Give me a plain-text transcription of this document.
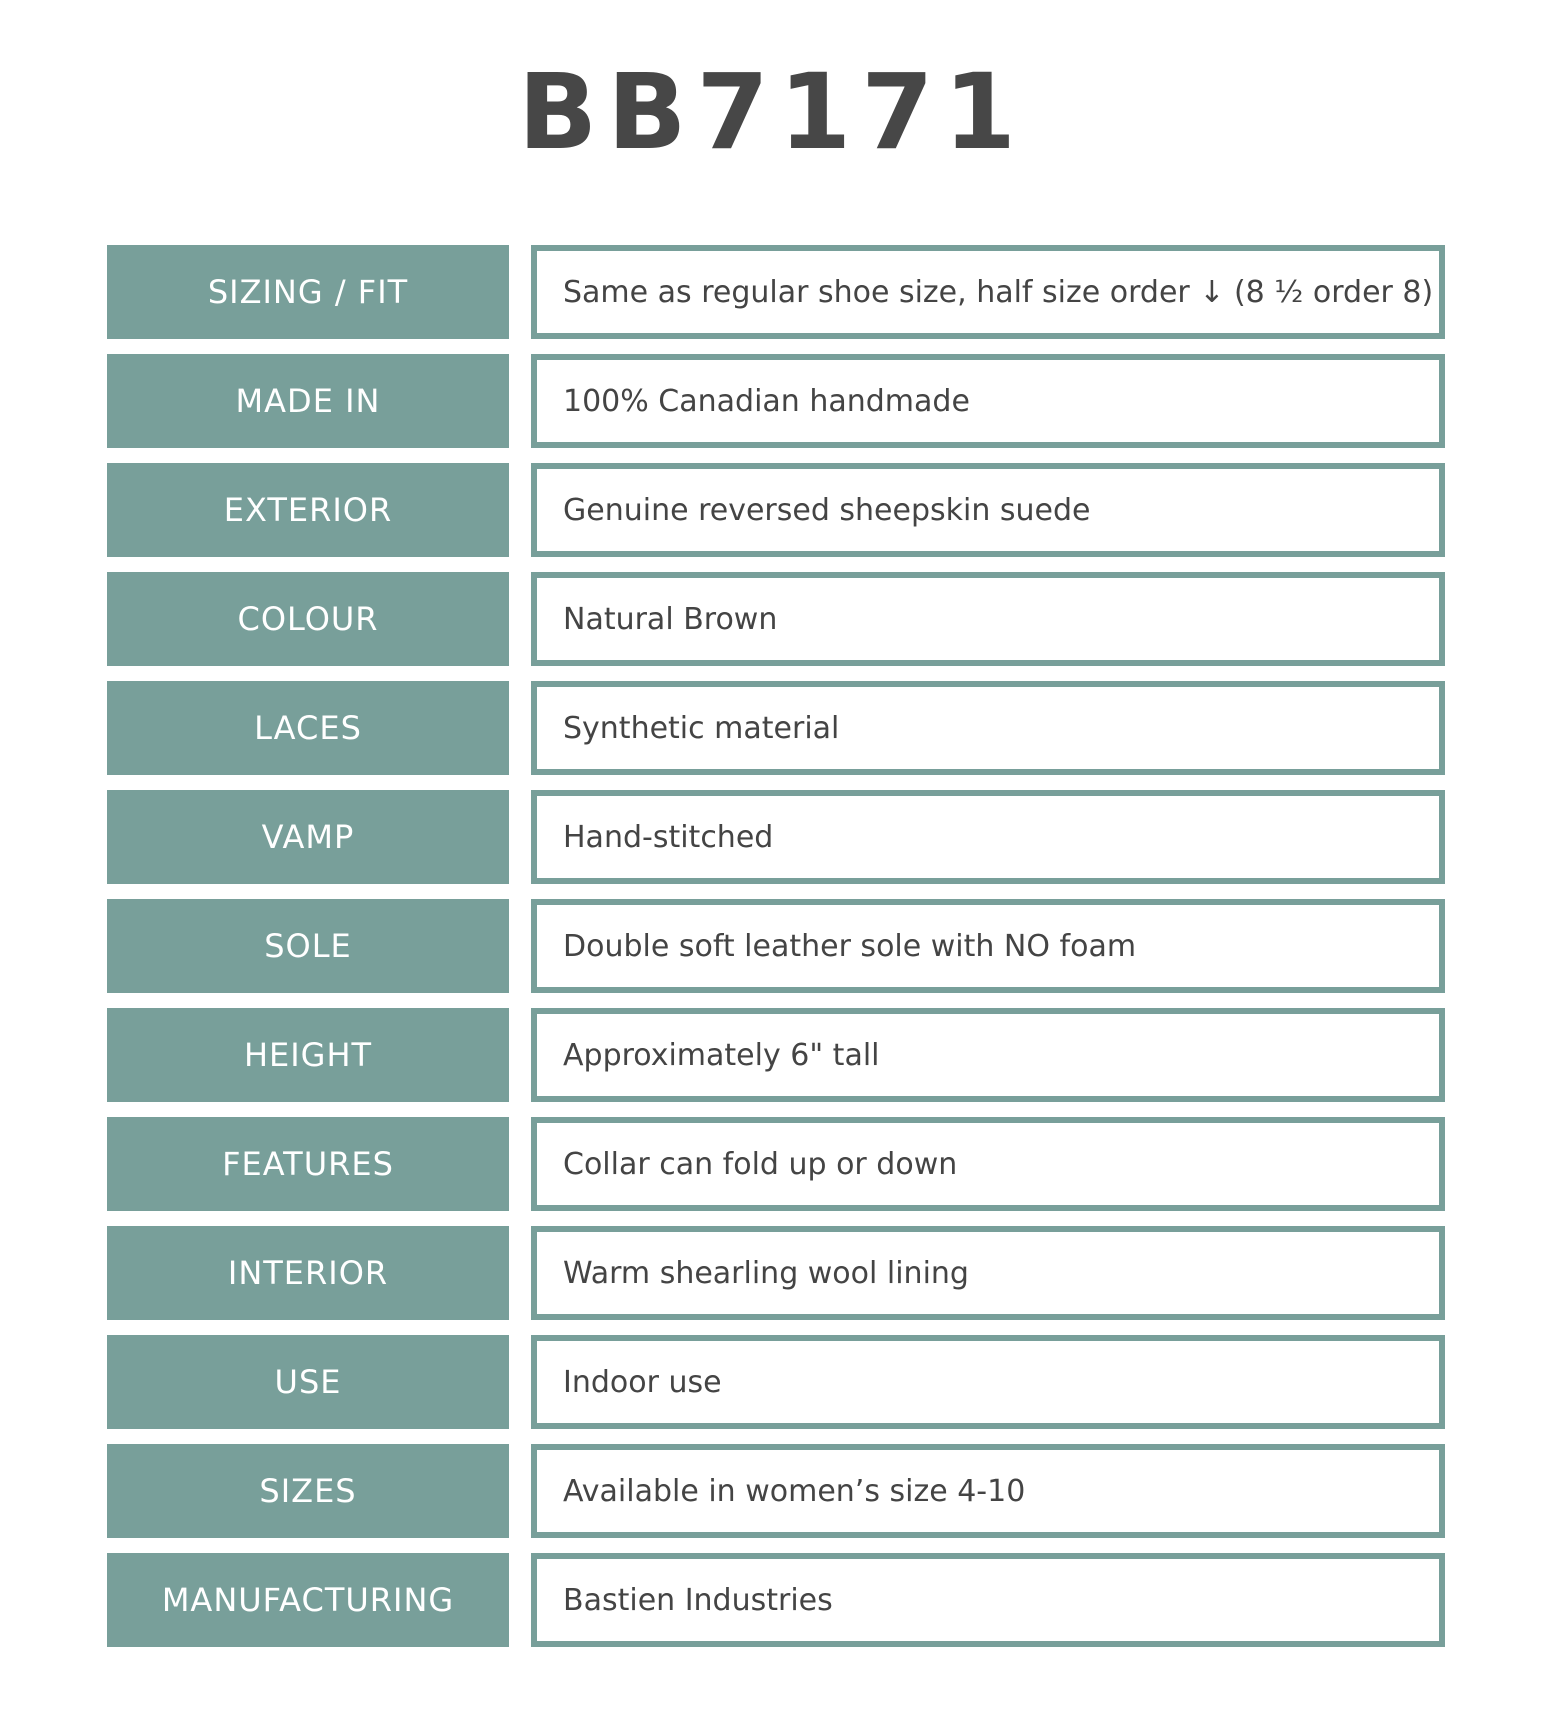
BB7171
SIZING / FIT	Same as regular shoe size, half size order ↓ (8 ½ order 8)
MADE IN	100% Canadian handmade
EXTERIOR	Genuine reversed sheepskin suede
COLOUR	Natural Brown
LACES	Synthetic material
VAMP	Hand-stitched
SOLE	Double soft leather sole with NO foam
HEIGHT	Approximately 6" tall
FEATURES	Collar can fold up or down
INTERIOR	Warm shearling wool lining
USE	Indoor use
SIZES	Available in women’s size 4-10
MANUFACTURING	Bastien Industries
